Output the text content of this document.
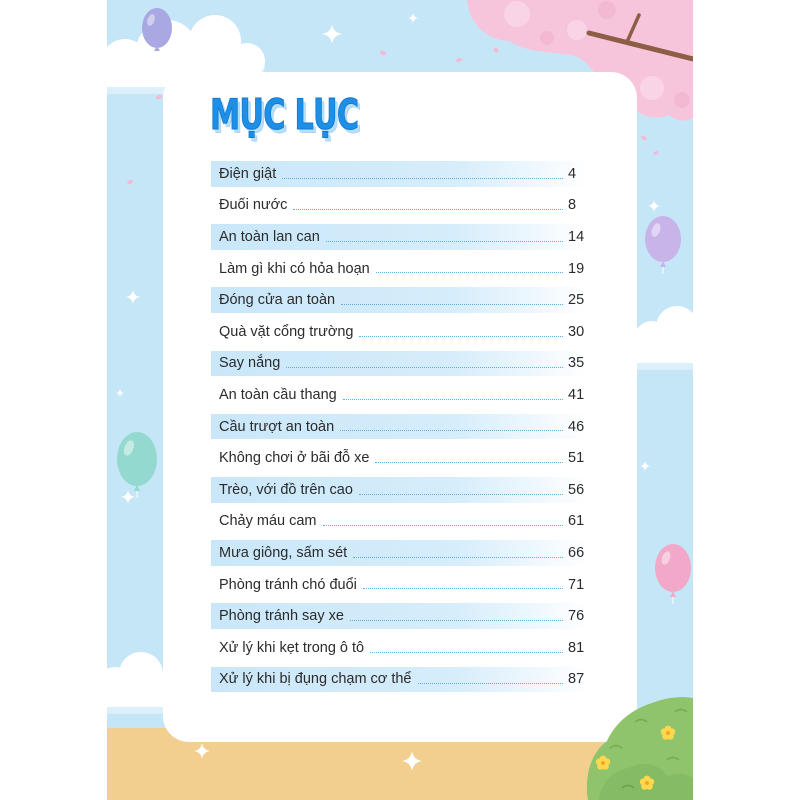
MỤC LỤC
Điện giật	4
Đuối nước	8
An toàn lan can	14
Làm gì khi có hỏa hoạn	19
Đóng cửa an toàn	25
Quà vặt cổng trường	30
Say nắng	35
An toàn cầu thang	41
Cầu trượt an toàn	46
Không chơi ở bãi đỗ xe	51
Trèo, với đồ trên cao	56
Chảy máu cam	61
Mưa giông, sấm sét	66
Phòng tránh chó đuổi	71
Phòng tránh say xe	76
Xử lý khi kẹt trong ô tô	81
Xử lý khi bị đụng chạm cơ thể	87
